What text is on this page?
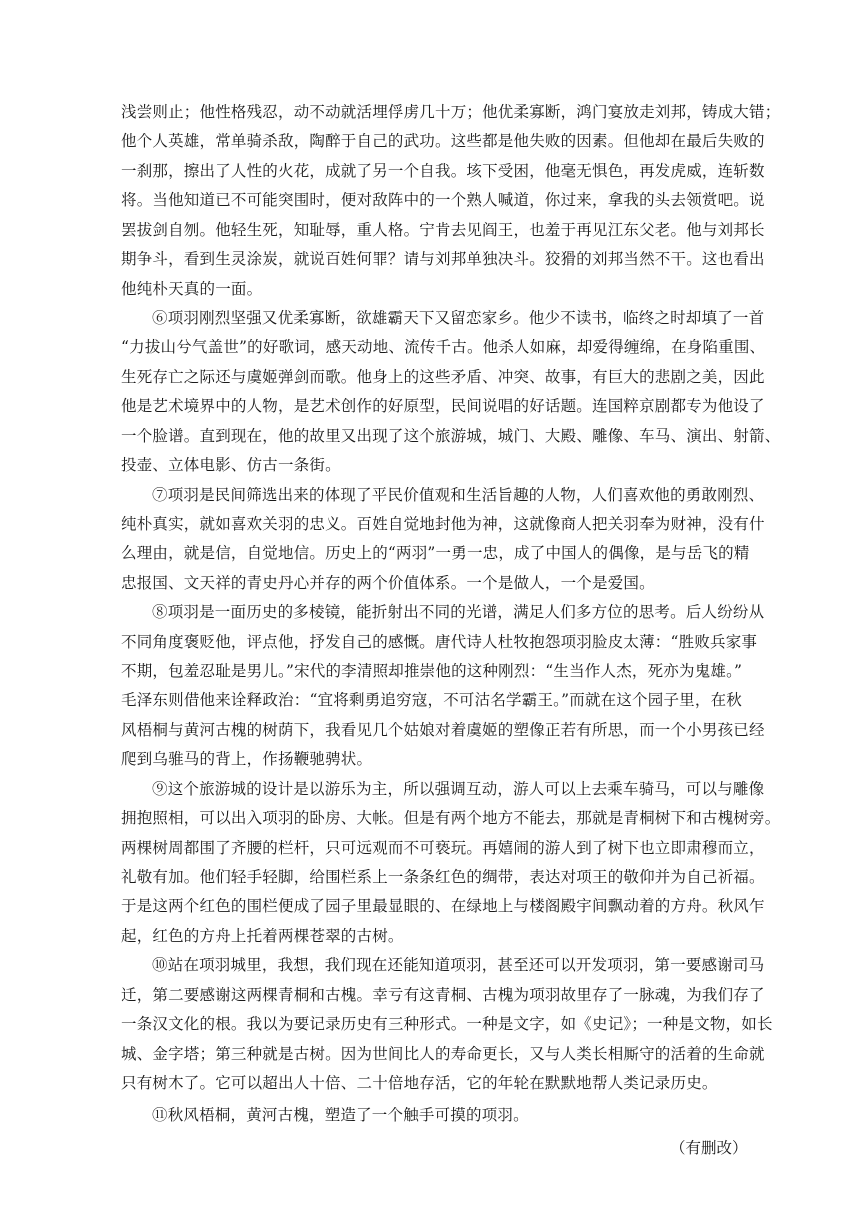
浅尝则止；他性格残忍，动不动就活埋俘虏几十万；他优柔寡断，鸿门宴放走刘邦，铸成大错；

他个人英雄，常单骑杀敌，陶醉于自己的武功。这些都是他失败的因素。但他却在最后失败的

一刹那，擦出了人性的火花，成就了另一个自我。垓下受困，他毫无惧色，再发虎威，连斩数

将。当他知道已不可能突围时，便对敌阵中的一个熟人喊道，你过来，拿我的头去领赏吧。说

罢拔剑自刎。他轻生死，知耻辱，重人格。宁肯去见阎王，也羞于再见江东父老。他与刘邦长

期争斗，看到生灵涂炭，就说百姓何罪？请与刘邦单独决斗。狡猾的刘邦当然不干。这也看出

他纯朴天真的一面。

⑥项羽刚烈坚强又优柔寡断，欲雄霸天下又留恋家乡。他少不读书，临终之时却填了一首

“力拔山兮气盖世”的好歌词，感天动地、流传千古。他杀人如麻，却爱得缠绵，在身陷重围、

生死存亡之际还与虞姬弹剑而歌。他身上的这些矛盾、冲突、故事，有巨大的悲剧之美，因此

他是艺术境界中的人物，是艺术创作的好原型，民间说唱的好话题。连国粹京剧都专为他设了

一个脸谱。直到现在，他的故里又出现了这个旅游城，城门、大殿、雕像、车马、演出、射箭、

投壶、立体电影、仿古一条街。

⑦项羽是民间筛选出来的体现了平民价值观和生活旨趣的人物，人们喜欢他的勇敢刚烈、

纯朴真实，就如喜欢关羽的忠义。百姓自觉地封他为神，这就像商人把关羽奉为财神，没有什

么理由，就是信，自觉地信。历史上的“两羽”一勇一忠，成了中国人的偶像，是与岳飞的精

忠报国、文天祥的青史丹心并存的两个价值体系。一个是做人，一个是爱国。

⑧项羽是一面历史的多棱镜，能折射出不同的光谱，满足人们多方位的思考。后人纷纷从

不同角度褒贬他，评点他，抒发自己的感慨。唐代诗人杜牧抱怨项羽脸皮太薄：“胜败兵家事

不期，包羞忍耻是男儿。”宋代的李清照却推崇他的这种刚烈：“生当作人杰，死亦为鬼雄。”

毛泽东则借他来诠释政治：“宜将剩勇追穷寇，不可沽名学霸王。”而就在这个园子里，在秋

风梧桐与黄河古槐的树荫下，我看见几个姑娘对着虞姬的塑像正若有所思，而一个小男孩已经

爬到乌骓马的背上，作扬鞭驰骋状。

⑨这个旅游城的设计是以游乐为主，所以强调互动，游人可以上去乘车骑马，可以与雕像

拥抱照相，可以出入项羽的卧房、大帐。但是有两个地方不能去，那就是青桐树下和古槐树旁。

两棵树周都围了齐腰的栏杆，只可远观而不可亵玩。再嬉闹的游人到了树下也立即肃穆而立，

礼敬有加。他们轻手轻脚，给围栏系上一条条红色的绸带，表达对项王的敬仰并为自己祈福。

于是这两个红色的围栏便成了园子里最显眼的、在绿地上与楼阁殿宇间飘动着的方舟。秋风乍

起，红色的方舟上托着两棵苍翠的古树。

⑩站在项羽城里，我想，我们现在还能知道项羽，甚至还可以开发项羽，第一要感谢司马

迁，第二要感谢这两棵青桐和古槐。幸亏有这青桐、古槐为项羽故里存了一脉魂，为我们存了

一条汉文化的根。我以为要记录历史有三种形式。一种是文字，如《史记》；一种是文物，如长

城、金字塔；第三种就是古树。因为世间比人的寿命更长，又与人类长相厮守的活着的生命就

只有树木了。它可以超出人十倍、二十倍地存活，它的年轮在默默地帮人类记录历史。

⑪秋风梧桐，黄河古槐，塑造了一个触手可摸的项羽。

（有删改）
